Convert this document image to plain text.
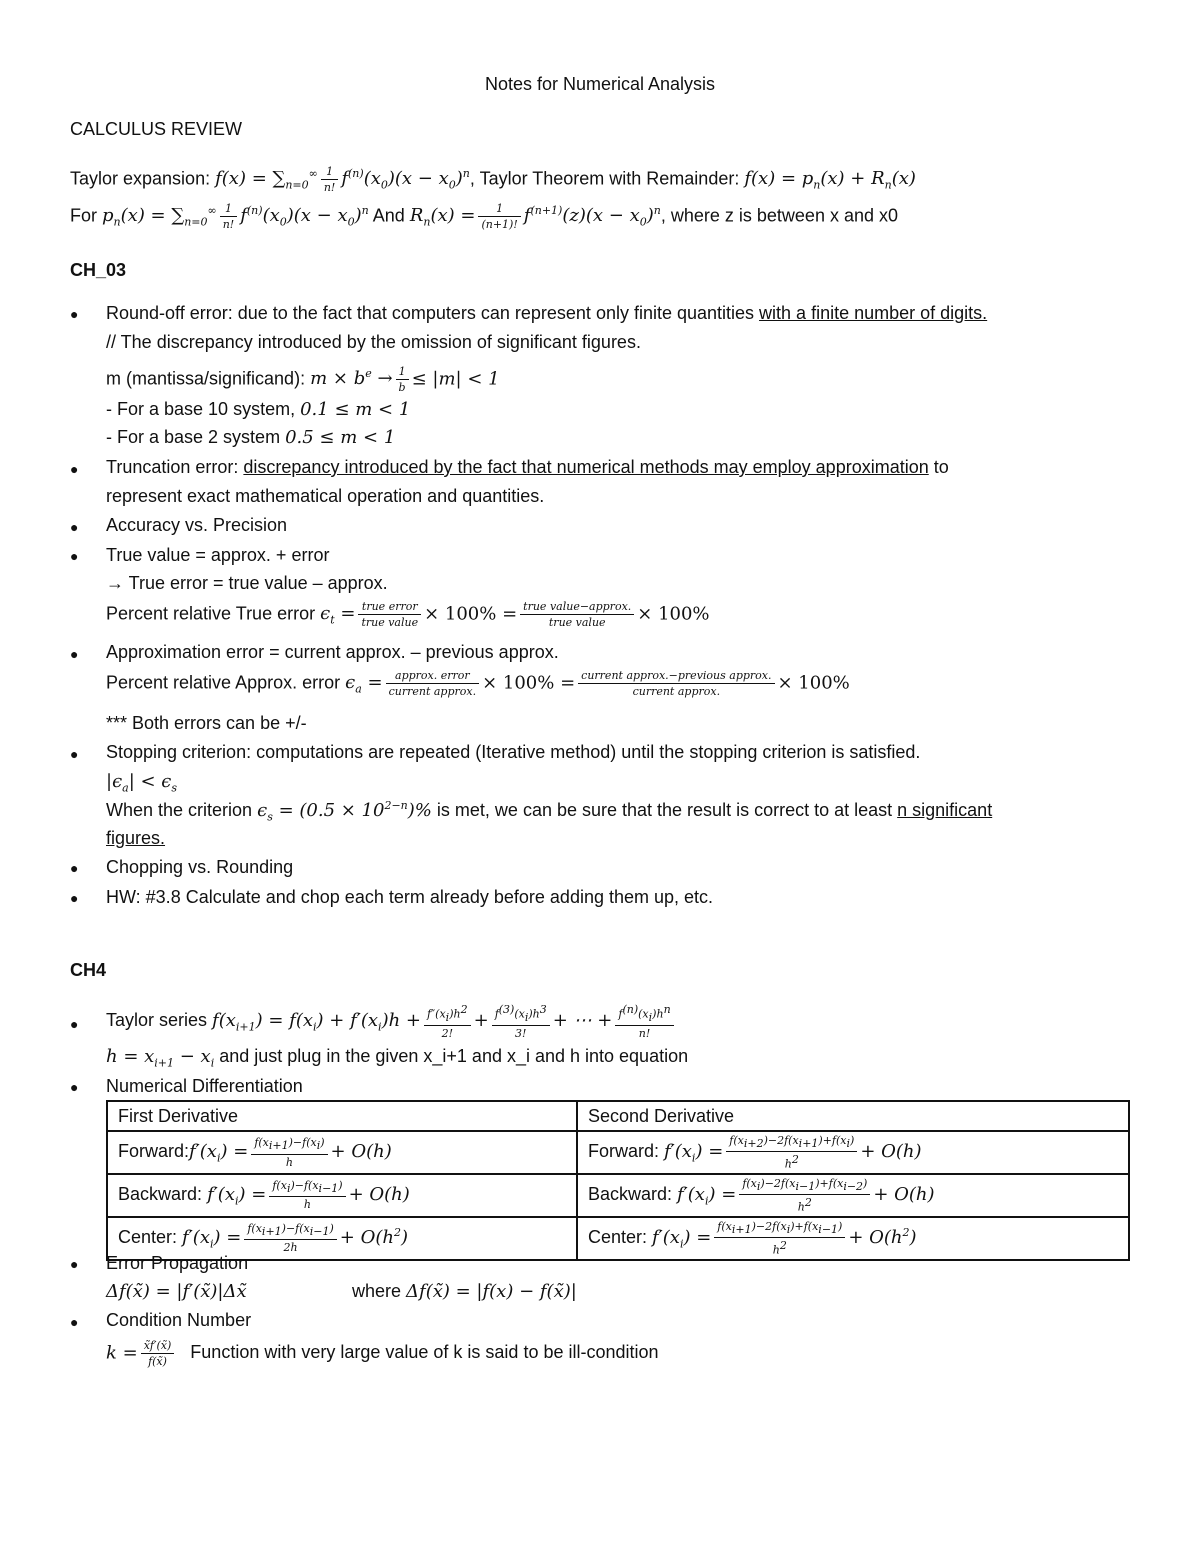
Notes for Numerical Analysis
CALCULUS REVIEW
Taylor expansion: $f(x) = \sum_{n=0}^\infty \frac{1}{n!} f^{(n)}(x_0)(x - x_0)^n$, Taylor Theorem with Remainder: $f(x) = p_n(x) + R_n(x)$
For $p_n(x) = \sum_{n=0}^\infty \frac{1}{n!} f^{(n)}(x_0)(x - x_0)^n$ And $R_n(x) = \frac{1}{(n+1)!} f^{(n+1)}(z)(x - x_0)^n$, where z is between x and x0
CH_03
● Round-off error: due to the fact that computers can represent only finite quantities with a finite number of digits.
// The discrepancy introduced by the omission of significant figures.
m (mantissa/significand): $m \times b^e \to \frac{1}{b} \le |m| < 1$
- For a base 10 system, 0.1 ≤ m < 1
- For a base 2 system 0.5 ≤ m < 1
● Truncation error: discrepancy introduced by the fact that numerical methods may employ approximation to
represent exact mathematical operation and quantities.
● Accuracy vs. Precision
● True value = approx. + error
→ True error = true value – approx.
Percent relative True error $\epsilon_t = \frac{\text{true error}}{\text{true value}} \times 100\% = \frac{\text{true value−approx.}}{\text{true value}} \times 100\%$
● Approximation error = current approx. – previous approx.
Percent relative Approx. error $\epsilon_a = \frac{\text{approx. error}}{\text{current approx.}} \times 100\% = \frac{\text{current approx.−previous approx.}}{\text{current approx.}} \times 100\%$
*** Both errors can be +/-
● Stopping criterion: computations are repeated (Iterative method) until the stopping criterion is satisfied.
$|\epsilon_a| < \epsilon_s$
When the criterion $\epsilon_s = (0.5 \times 10^{2-n})\%$ is met, we can be sure that the result is correct to at least n significant
figures.
● Chopping vs. Rounding
● HW: #3.8 Calculate and chop each term already before adding them up, etc.
CH4
● Taylor series $f(x_{i+1}) = f(x_i) + f'(x_i)h + \frac{f''(x_i)h^2}{2!} + \frac{f^{(3)}(x_i)h^3}{3!}$ + ⋯ + $\frac{f^{(n)}(x_i)h^n}{n!}$
$h = x_{i+1} - x_i$ and just plug in the given x_i+1 and x_i and h into equation
● Numerical Differentiation
First Derivative	Second Derivative
$Forward:f'(x_i) = \frac{f(x_{i+1})-f(x_i)}{h} + O(h)$	Forward: $f'(x_i) = \frac{f(x_{i+2})-2f(x_{i+1})+f(x_i)}{h^2} + O(h)$
Backward: $f'(x_i) = \frac{f(x_i)-f(x_{i-1})}{h} + O(h)$	Backward: $f'(x_i) = \frac{f(x_i)-2f(x_{i-1})+f(x_{i-2})}{h^2} + O(h)$
Center: $f'(x_i) = \frac{f(x_{i+1})-f(x_{i-1})}{2h} + O(h^2)$	Center: $f'(x_i) = \frac{f(x_{i+1})-2f(x_i)+f(x_{i-1})}{h^2} + O(h^2)$
● Error Propagation
Δf(x̃) = |f′(x̃)|Δx̃	where Δf(x̃) = |f(x) − f(x̃)|
● Condition Number
$k = \frac{x̃f'(x̃)}{f(x̃)}$ Function with very large value of k is said to be ill-condition
